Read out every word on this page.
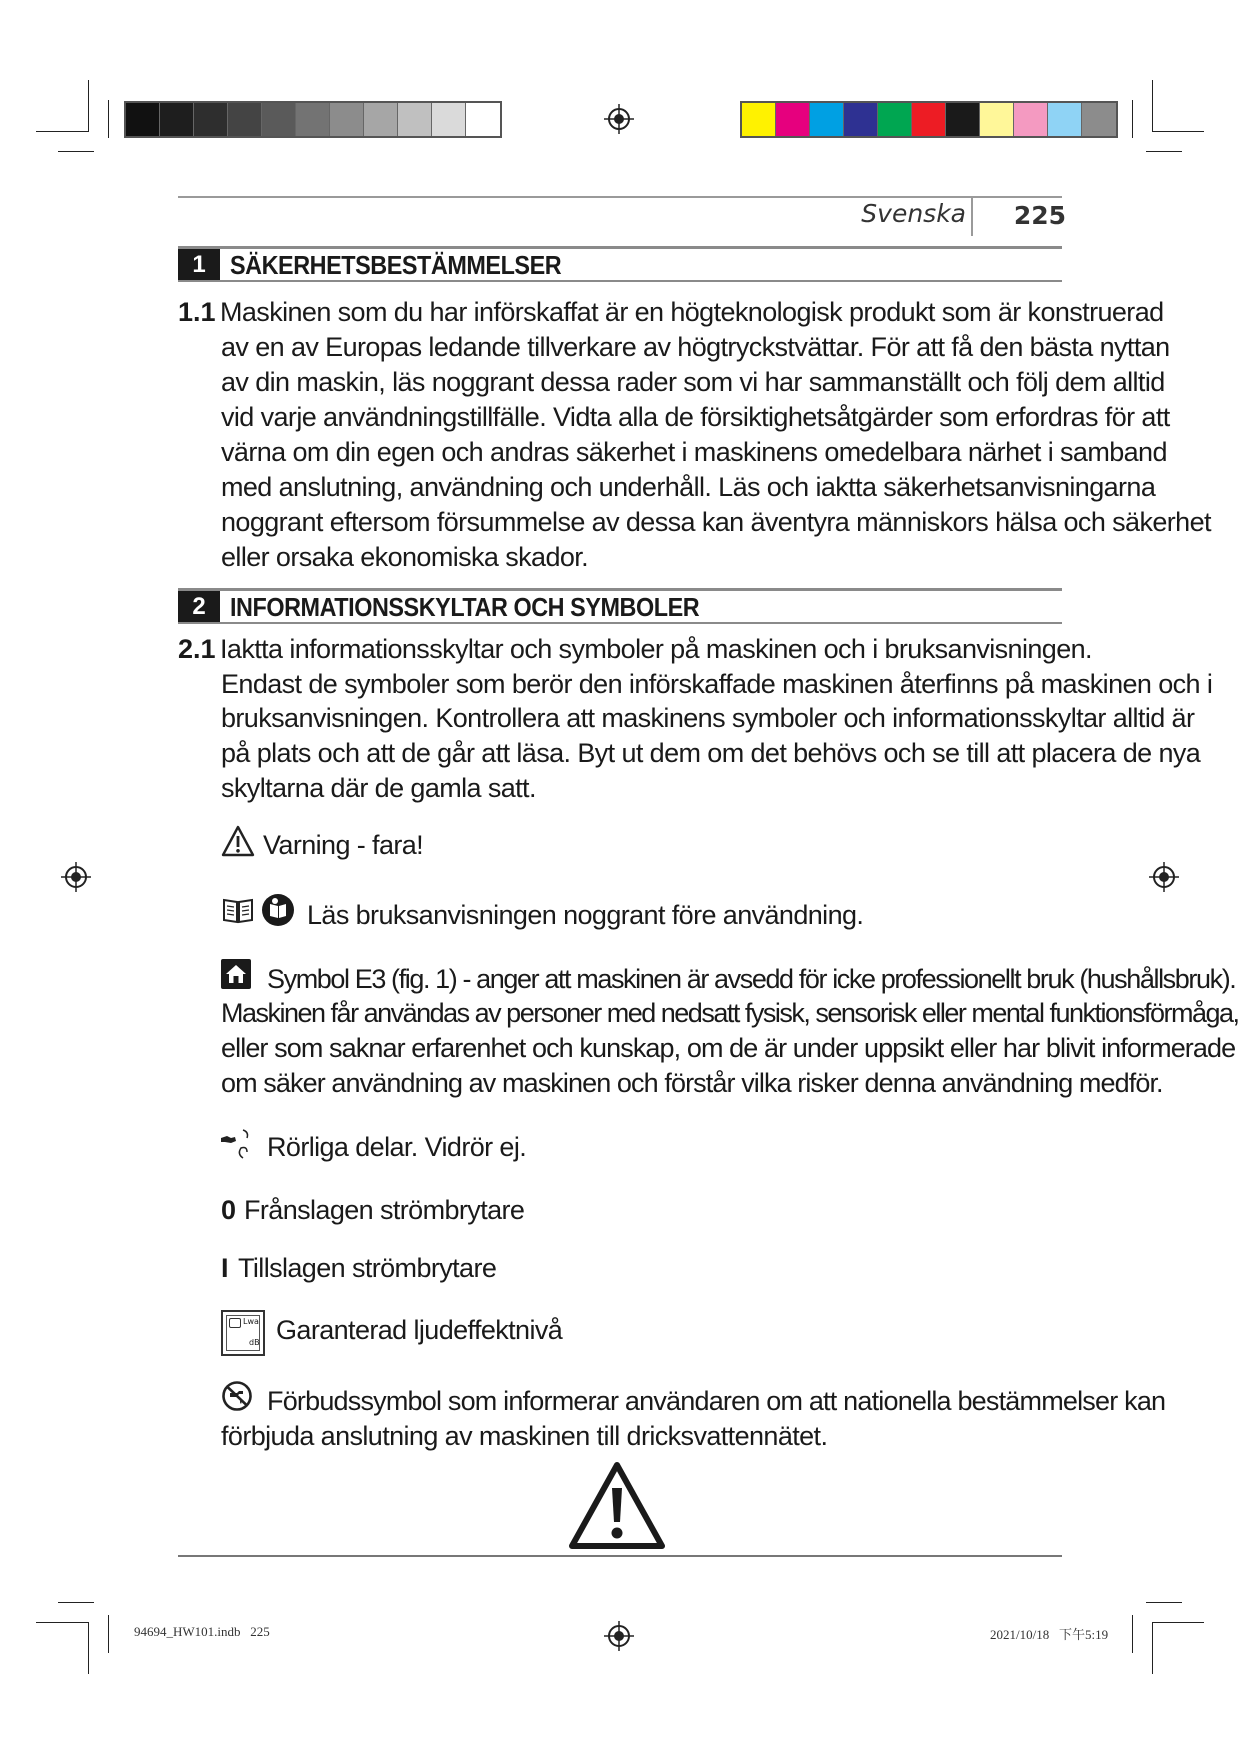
Svenska	225
1 SÄKERHETSBESTÄMMELSER
1.1 Maskinen som du har införskaffat är en högteknologisk produkt som är konstruerad
av en av Europas ledande tillverkare av högtryckstvättar. För att få den bästa nyttan
av din maskin, läs noggrant dessa rader som vi har sammanställt och följ dem alltid
vid varje användningstillfälle. Vidta alla de försiktighetsåtgärder som erfordras för att
värna om din egen och andras säkerhet i maskinens omedelbara närhet i samband
med anslutning, användning och underhåll. Läs och iaktta säkerhetsanvisningarna
noggrant eftersom försummelse av dessa kan äventyra människors hälsa och säkerhet
eller orsaka ekonomiska skador.
2 INFORMATIONSSKYLTAR OCH SYMBOLER
2.1 Iaktta informationsskyltar och symboler på maskinen och i bruksanvisningen.
Endast de symboler som berör den införskaffade maskinen återfinns på maskinen och i
bruksanvisningen. Kontrollera att maskinens symboler och informationsskyltar alltid är
på plats och att de går att läsa. Byt ut dem om det behövs och se till att placera de nya
skyltarna där de gamla satt.
Varning - fara!
Läs bruksanvisningen noggrant före användning.
Symbol E3 (fig. 1) - anger att maskinen är avsedd för icke professionellt bruk (hushållsbruk).
Maskinen får användas av personer med nedsatt fysisk, sensorisk eller mental funktionsförmåga,
eller som saknar erfarenhet och kunskap, om de är under uppsikt eller har blivit informerade
om säker användning av maskinen och förstår vilka risker denna användning medför.
Rörliga delar. Vidrör ej.
0 Frånslagen strömbrytare
I Tillslagen strömbrytare
Lwa
dB Garanterad ljudeffektnivå
Förbudssymbol som informerar användaren om att nationella bestämmelser kan
förbjuda anslutning av maskinen till dricksvattennätet.
94694_HW101.indb   225	2021/10/18   下午5:19
